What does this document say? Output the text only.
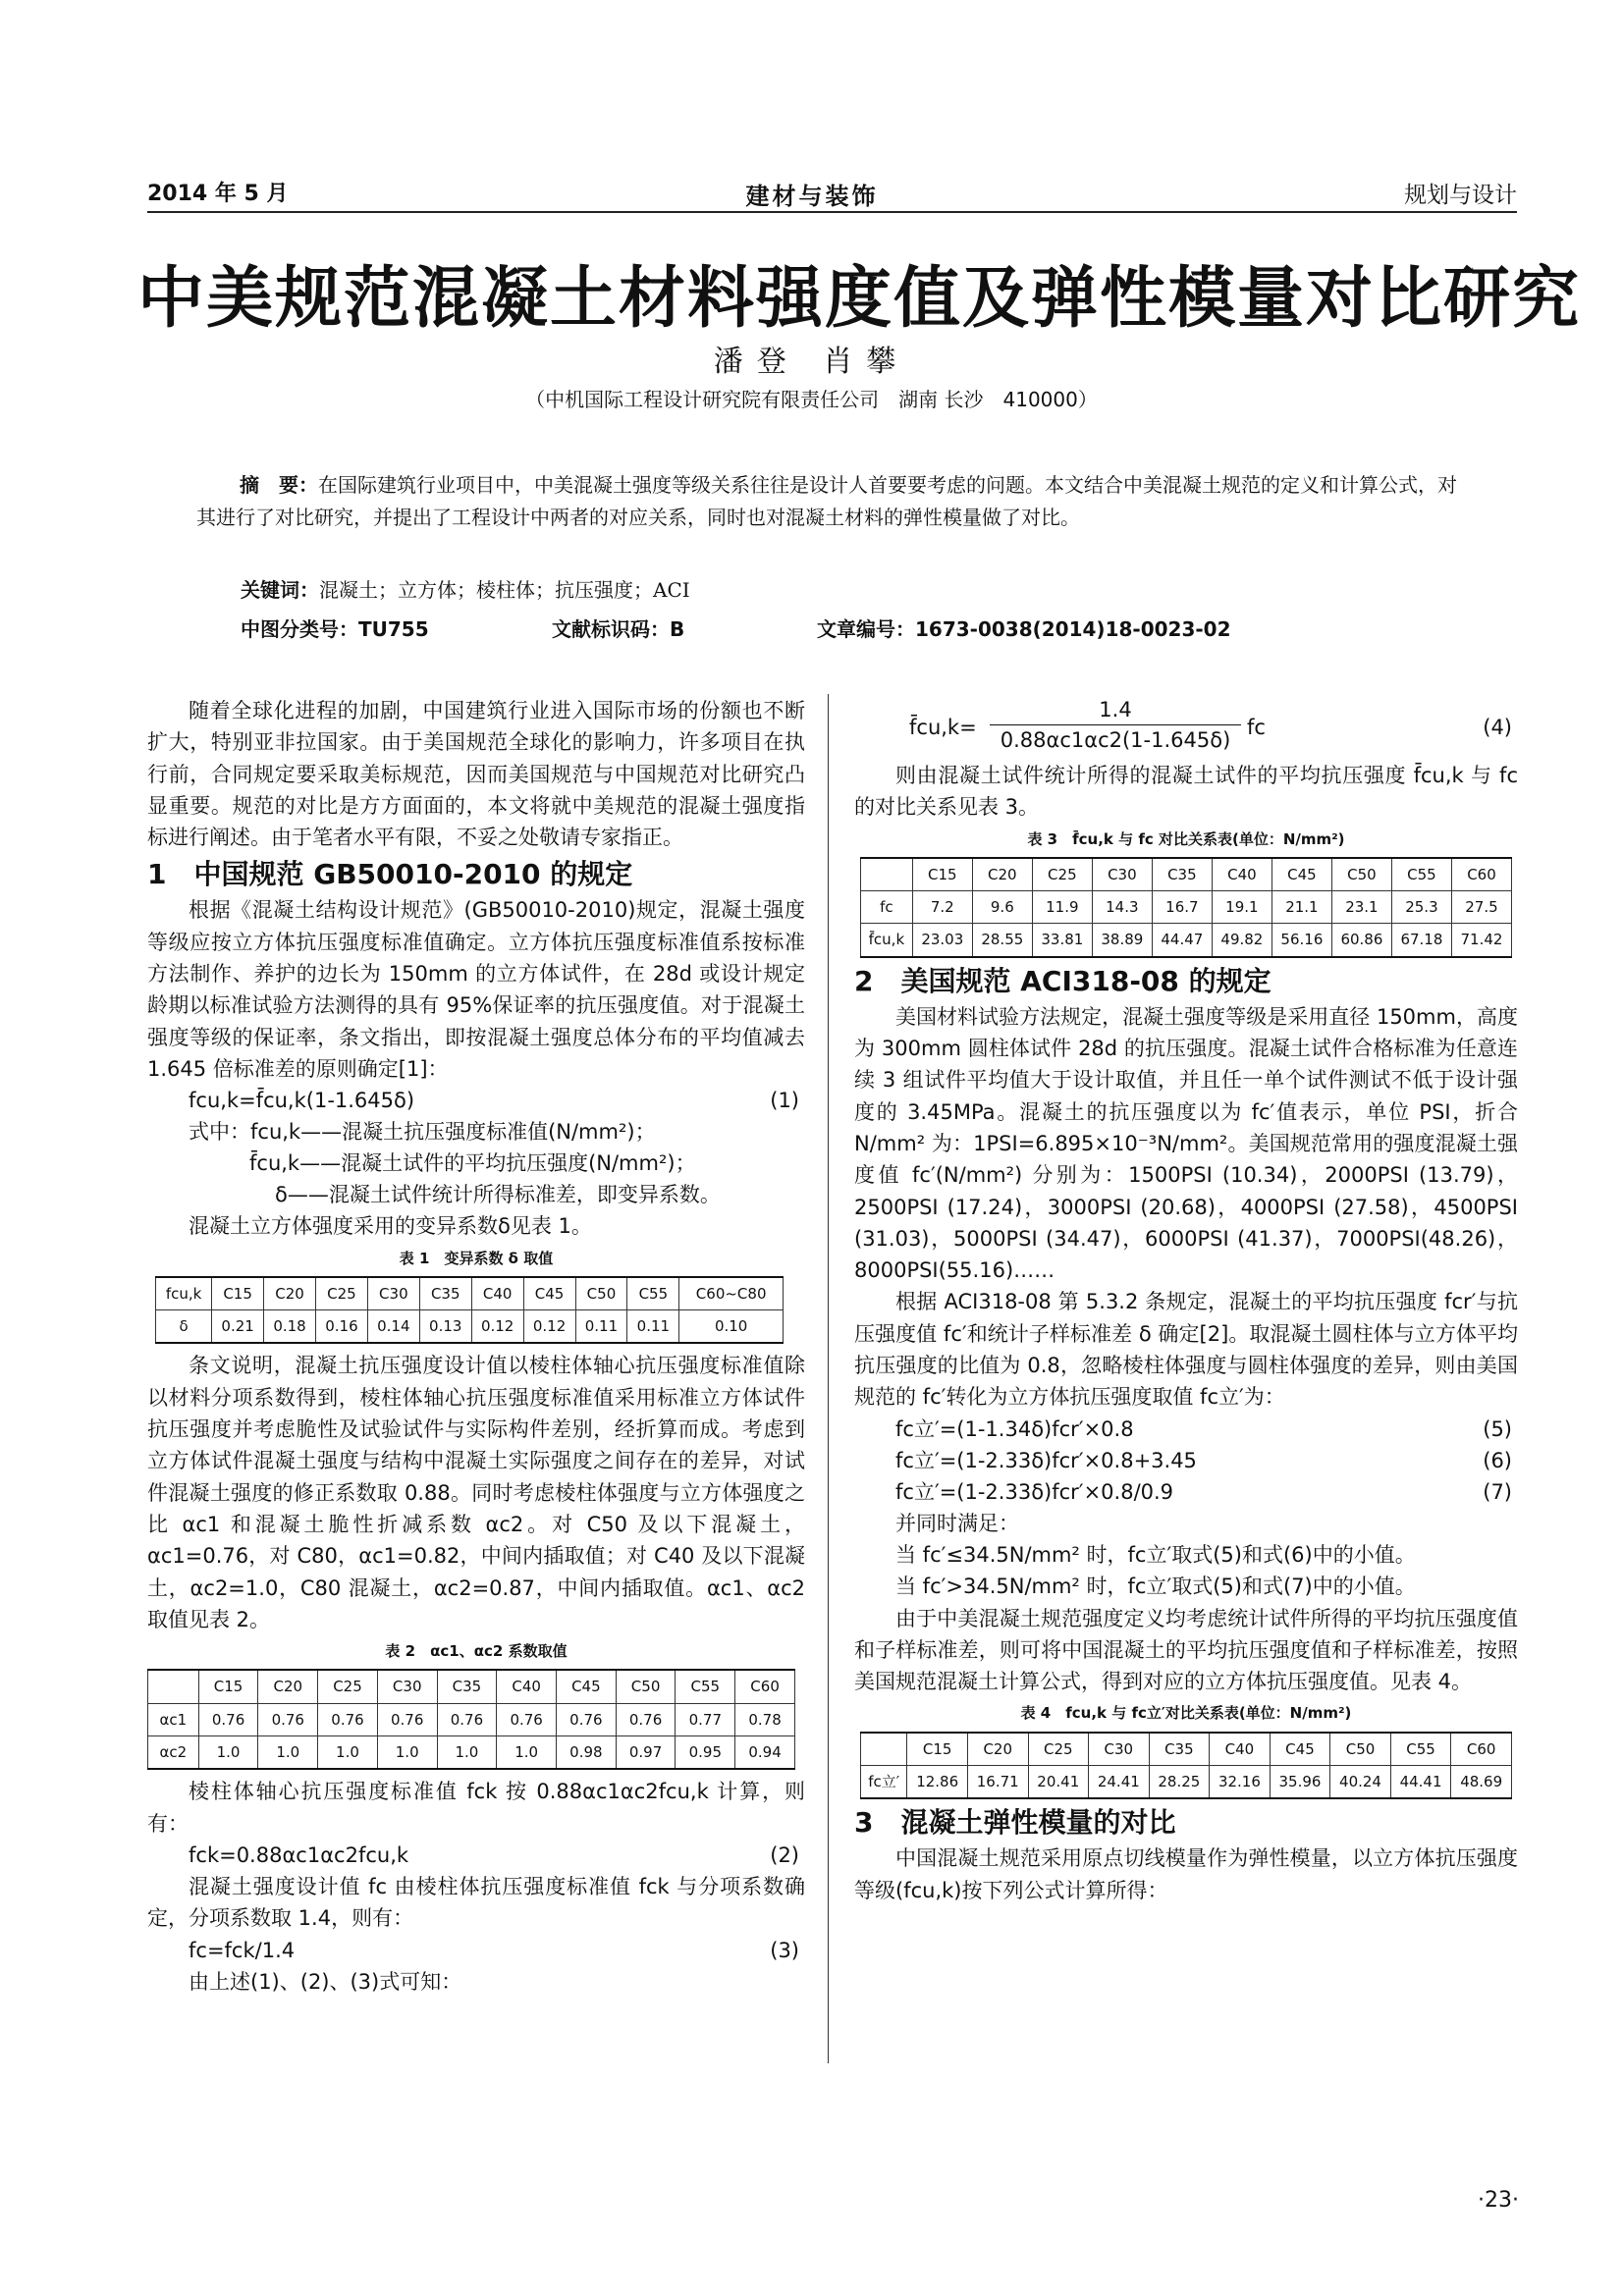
2014 年 5 月	建材与装饰	规划与设计
中美规范混凝土材料强度值及弹性模量对比研究
潘登 肖攀
（中机国际工程设计研究院有限责任公司　湖南 长沙　410000）
摘　要：在国际建筑行业项目中，中美混凝土强度等级关系往往是设计人首要要考虑的问题。本文结合中美混凝土规范的定义和计算公式，对其进行了对比研究，并提出了工程设计中两者的对应关系，同时也对混凝土材料的弹性模量做了对比。
关键词：混凝土；立方体；棱柱体；抗压强度；ACI
中图分类号：TU755	文献标识码：B	文章编号：1673-0038(2014)18-0023-02

随着全球化进程的加剧，中国建筑行业进入国际市场的份额也不断扩大，特别亚非拉国家。由于美国规范全球化的影响力，许多项目在执行前，合同规定要采取美标规范，因而美国规范与中国规范对比研究凸显重要。规范的对比是方方面面的，本文将就中美规范的混凝土强度指标进行阐述。由于笔者水平有限，不妥之处敬请专家指正。

1　中国规范 GB50010-2010 的规定

根据《混凝土结构设计规范》(GB50010-2010)规定，混凝土强度等级应按立方体抗压强度标准值确定。立方体抗压强度标准值系按标准方法制作、养护的边长为 150mm 的立方体试件，在 28d 或设计规定龄期以标准试验方法测得的具有 95%保证率的抗压强度值。对于混凝土强度等级的保证率，条文指出，即按混凝土强度总体分布的平均值减去 1.645 倍标准差的原则确定[1]：

fcu,k=f̄cu,k(1-1.645δ)	(1)
式中：fcu,k——混凝土抗压强度标准值(N/mm²)；
f̄cu,k——混凝土试件的平均抗压强度(N/mm²)；
δ——混凝土试件统计所得标准差，即变异系数。

混凝土立方体强度采用的变异系数δ见表 1。

表 1　变异系数 δ 取值
fcu,k	C15	C20	C25	C30	C35	C40	C45	C50	C55	C60~C80
δ	0.21	0.18	0.16	0.14	0.13	0.12	0.12	0.11	0.11	0.10

条文说明，混凝土抗压强度设计值以棱柱体轴心抗压强度标准值除以材料分项系数得到，棱柱体轴心抗压强度标准值采用标准立方体试件抗压强度并考虑脆性及试验试件与实际构件差别，经折算而成。考虑到立方体试件混凝土强度与结构中混凝土实际强度之间存在的差异，对试件混凝土强度的修正系数取 0.88。同时考虑棱柱体强度与立方体强度之比 αc1 和混凝土脆性折减系数 αc2。对 C50 及以下混凝土，αc1=0.76，对 C80，αc1=0.82，中间内插取值；对 C40 及以下混凝土，αc2=1.0，C80 混凝土，αc2=0.87，中间内插取值。αc1、αc2 取值见表 2。

表 2　αc1、αc2 系数取值
	C15	C20	C25	C30	C35	C40	C45	C50	C55	C60
αc1	0.76	0.76	0.76	0.76	0.76	0.76	0.76	0.76	0.77	0.78
αc2	1.0	1.0	1.0	1.0	1.0	1.0	0.98	0.97	0.95	0.94

棱柱体轴心抗压强度标准值 fck 按 0.88αc1αc2fcu,k 计算，则有：

fck=0.88αc1αc2fcu,k	(2)

混凝土强度设计值 fc 由棱柱体抗压强度标准值 fck 与分项系数确定，分项系数取 1.4，则有：

fc=fck/1.4	(3)

由上述(1)、(2)、(3)式可知：

f̄cu,k= $\frac{1.4}{0.88\alpha c1\alpha c2(1-1.645\delta)}$ fc	(4)

则由混凝土试件统计所得的混凝土试件的平均抗压强度 f̄cu,k 与 fc 的对比关系见表 3。

表 3　f̄cu,k 与 fc 对比关系表(单位：N/mm²)
	C15	C20	C25	C30	C35	C40	C45	C50	C55	C60
fc	7.2	9.6	11.9	14.3	16.7	19.1	21.1	23.1	25.3	27.5
f̄cu,k	23.03	28.55	33.81	38.89	44.47	49.82	56.16	60.86	67.18	71.42
2　美国规范 ACI318-08 的规定

美国材料试验方法规定，混凝土强度等级是采用直径 150mm，高度为 300mm 圆柱体试件 28d 的抗压强度。混凝土试件合格标准为任意连续 3 组试件平均值大于设计取值，并且任一单个试件测试不低于设计强度的 3.45MPa。混凝土的抗压强度以为 fc′值表示，单位 PSI，折合 N/mm² 为：1PSI=6.895×10⁻³N/mm²。美国规范常用的强度混凝土强度值 fc′(N/mm²) 分别为：1500PSI (10.34)，2000PSI (13.79)，2500PSI (17.24)，3000PSI (20.68)，4000PSI (27.58)，4500PSI (31.03)，5000PSI (34.47)，6000PSI (41.37)，7000PSI(48.26)，8000PSI(55.16)……

根据 ACI318-08 第 5.3.2 条规定，混凝土的平均抗压强度 fcr′与抗压强度值 fc′和统计子样标准差 δ 确定[2]。取混凝土圆柱体与立方体平均抗压强度的比值为 0.8，忽略棱柱体强度与圆柱体强度的差异，则由美国规范的 fc′转化为立方体抗压强度取值 fc立′为：

fc立′=(1-1.34δ)fcr′×0.8	(5)
fc立′=(1-2.33δ)fcr′×0.8+3.45	(6)
fc立′=(1-2.33δ)fcr′×0.8/0.9	(7)

并同时满足：

当 fc′≤34.5N/mm² 时，fc立′取式(5)和式(6)中的小值。

当 fc′>34.5N/mm² 时，fc立′取式(5)和式(7)中的小值。

由于中美混凝土规范强度定义均考虑统计试件所得的平均抗压强度值和子样标准差，则可将中国混凝土的平均抗压强度值和子样标准差，按照美国规范混凝土计算公式，得到对应的立方体抗压强度值。见表 4。

表 4　fcu,k 与 fc立′对比关系表(单位：N/mm²)
	C15	C20	C25	C30	C35	C40	C45	C50	C55	C60
fc立′	12.86	16.71	20.41	24.41	28.25	32.16	35.96	40.24	44.41	48.69
3　混凝土弹性模量的对比

中国混凝土规范采用原点切线模量作为弹性模量，以立方体抗压强度等级(fcu,k)按下列公式计算所得：

·23·
